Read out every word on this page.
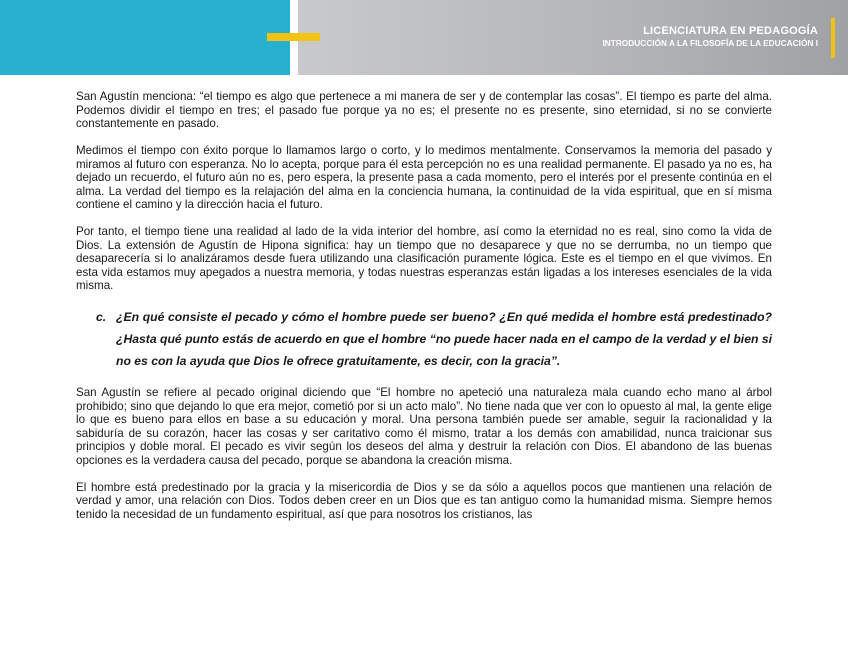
LICENCIATURA EN PEDAGOGÍA
INTRODUCCIÓN A LA FILOSOFÍA DE LA EDUCACIÓN I

San Agustín menciona: “el tiempo es algo que pertenece a mi manera de ser y de contemplar las cosas”. El tiempo es parte del alma. Podemos dividir el tiempo en tres; el pasado fue porque ya no es; el presente no es presente, sino eternidad, si no se convierte constantemente en pasado.

Medimos el tiempo con éxito porque lo llamamos largo o corto, y lo medimos mentalmente. Conservamos la memoria del pasado y miramos al futuro con esperanza. No lo acepta, porque para él esta percepción no es una realidad permanente. El pasado ya no es, ha dejado un recuerdo, el futuro aún no es, pero espera, la presente pasa a cada momento, pero el interés por el presente continúa en el alma. La verdad del tiempo es la relajación del alma en la conciencia humana, la continuidad de la vida espiritual, que en sí misma contiene el camino y la dirección hacia el futuro.

Por tanto, el tiempo tiene una realidad al lado de la vida interior del hombre, así como la eternidad no es real, sino como la vida de Dios. La extensión de Agustín de Hipona significa: hay un tiempo que no desaparece y que no se derrumba, no un tiempo que desaparecería si lo analizáramos desde fuera utilizando una clasificación puramente lógica. Este es el tiempo en el que vivimos. En esta vida estamos muy apegados a nuestra memoria, y todas nuestras esperanzas están ligadas a los intereses esenciales de la vida misma.

c. ¿En qué consiste el pecado y cómo el hombre puede ser bueno? ¿En qué medida el hombre está predestinado? ¿Hasta qué punto estás de acuerdo en que el hombre “no puede hacer nada en el campo de la verdad y el bien si no es con la ayuda que Dios le ofrece gratuitamente, es decir, con la gracia”.

San Agustín se refiere al pecado original diciendo que “El hombre no apeteció una naturaleza mala cuando echo mano al árbol prohibido; sino que dejando lo que era mejor, cometió por si un acto malo”. No tiene nada que ver con lo opuesto al mal, la gente elige lo que es bueno para ellos en base a su educación y moral. Una persona también puede ser amable, seguir la racionalidad y la sabiduría de su corazón, hacer las cosas y ser caritativo como él mismo, tratar a los demás con amabilidad, nunca traicionar sus principios y doble moral. El pecado es vivir según los deseos del alma y destruir la relación con Dios. El abandono de las buenas opciones es la verdadera causa del pecado, porque se abandona la creación misma.

El hombre está predestinado por la gracia y la misericordia de Dios y se da sólo a aquellos pocos que mantienen una relación de verdad y amor, una relación con Dios. Todos deben creer en un Dios que es tan antiguo como la humanidad misma. Siempre hemos tenido la necesidad de un fundamento espiritual, así que para nosotros los cristianos, las
